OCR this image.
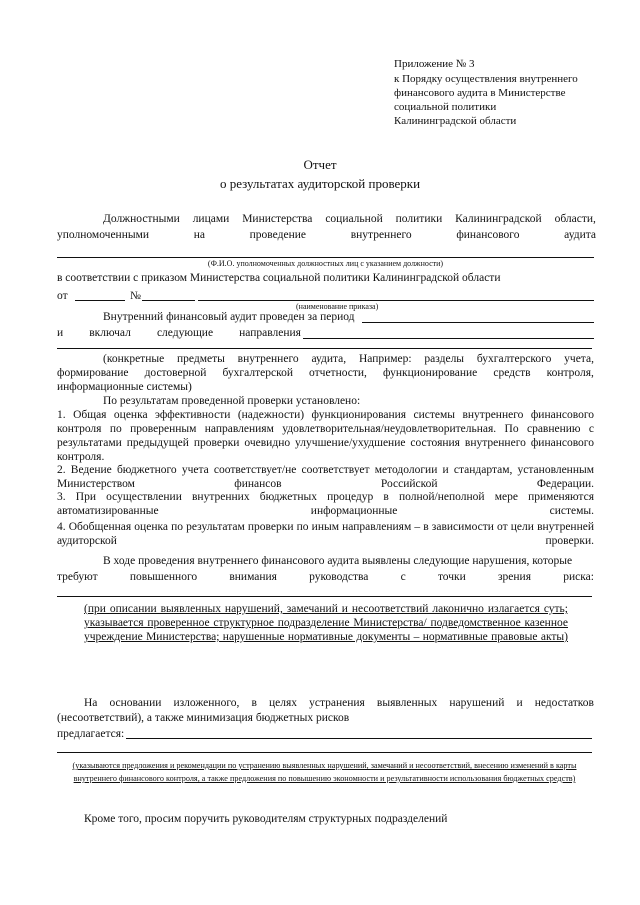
Приложение № 3
к Порядку осуществления внутреннего
финансового аудита в Министерстве
социальной политики
Калининградской области
Отчет
о результатах аудиторской проверки
Должностными лицами Министерства социальной политики Калининградской области,
уполномоченными	на	проведение	внутреннего	финансового	аудита
(Ф.И.О. уполномоченных должностных лиц с указанием должности)
в соответствии с приказом Министерства социальной политики Калининградской области
от	№
(наименование приказа)
Внутренний финансовый аудит проведен за период
и включал следующие направления
(конкретные предметы внутреннего аудита, Например: разделы бухгалтерского учета,
формирование достоверной бухгалтерской отчетности, функционирование средств контроля,
информационные системы)
По результатам проведенной проверки установлено:
1. Общая оценка эффективности (надежности) функционирования системы внутреннего финансового контроля по проверенным направлениям удовлетворительная/неудовлетворительная. По сравнению с результатами предыдущей проверки очевидно улучшение/ухудшение состояния внутреннего финансового контроля.
2. Ведение бюджетного учета соответствует/не соответствует методологии и стандартам, установленным Министерством финансов Российской Федерации.
3. При осуществлении внутренних бюджетных процедур в полной/неполной мере применяются автоматизированные информационные системы.
4. Обобщенная оценка по результатам проверки по иным направлениям – в зависимости от цели внутренней аудиторской проверки.
В ходе проведения внутреннего финансового аудита выявлены следующие нарушения, которые
требуют	повышенного	внимания	руководства	с	точки	зрения	риска:
(при описании выявленных нарушений, замечаний и несоответствий лаконично излагается суть; указывается проверенное структурное подразделение Министерства/ подведомственное казенное учреждение Министерства; нарушенные нормативные документы – нормативные правовые акты)
На основании изложенного, в целях устранения выявленных нарушений и недостатков
(несоответствий), а также минимизация бюджетных рисков
предлагается:
(указываются предложения и рекомендации по устранению выявленных нарушений, замечаний и несоответствий, внесению изменений в карты внутреннего финансового контроля, а также предложения по повышению экономности и результативности использования бюджетных средств)
Кроме того, просим поручить руководителям структурных подразделений
